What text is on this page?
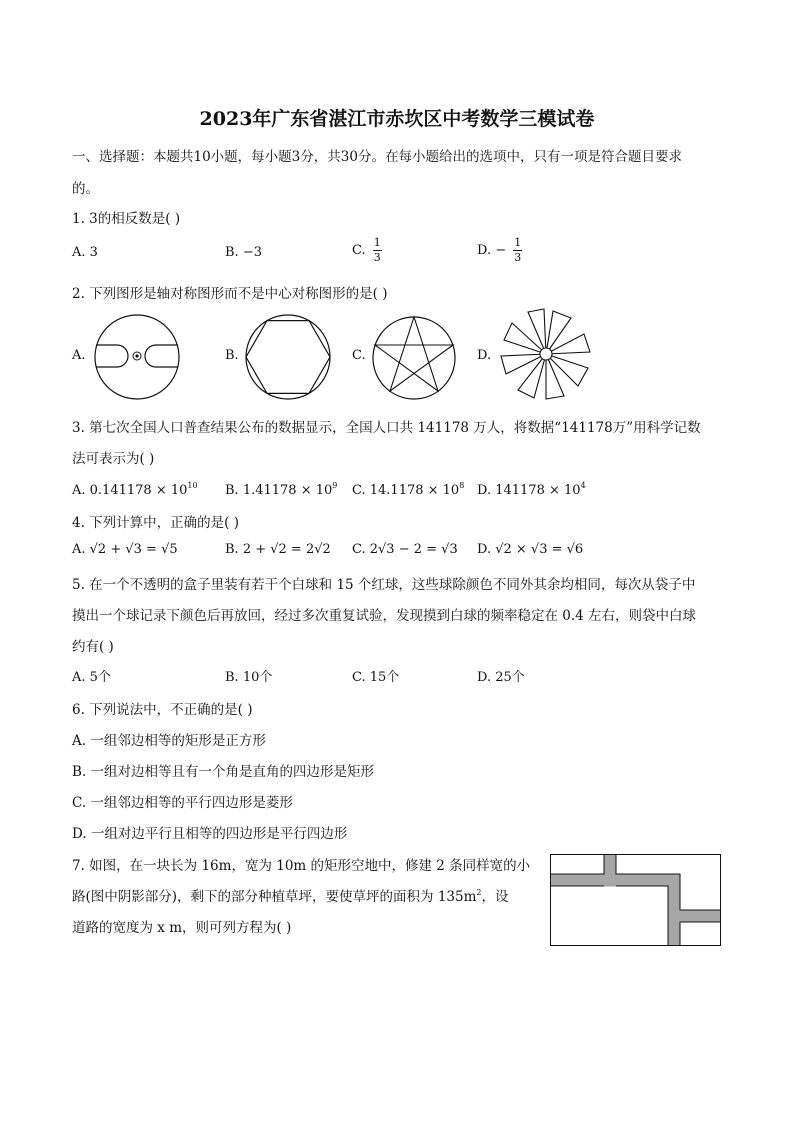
2023年广东省湛江市赤坎区中考数学三模试卷
一、选择题：本题共10小题，每小题3分，共30分。在每小题给出的选项中，只有一项是符合题目要求
的。
1. 3的相反数是( )
A. 3	B. −3	C. $\frac{1}{3}$	D. − $\frac{1}{3}$
2. 下列图形是轴对称图形而不是中心对称图形的是( )
A.	B.	C.	D.
3. 第七次全国人口普查结果公布的数据显示，全国人口共 141178 万人，将数据“141178万”用科学记数
法可表示为( )
A. $0.141178 \times 10^{10}$ B. $1.41178 \times 10^9$ C. $14.1178 \times 10^8$ D. $141178 \times 10^4$
4. 下列计算中，正确的是( )
A. √2 + √3 = √5	B. 2 + √2 = 2√2 C. 2√3 − 2 = √3 D. √2 × √3 = √6
5. 在一个不透明的盒子里装有若干个白球和 15 个红球，这些球除颜色不同外其余均相同，每次从袋子中
摸出一个球记录下颜色后再放回，经过多次重复试验，发现摸到白球的频率稳定在 0.4 左右，则袋中白球
约有( )
A. 5个	B. 10个	C. 15个	D. 25个
6. 下列说法中，不正确的是( )
A. 一组邻边相等的矩形是正方形
B. 一组对边相等且有一个角是直角的四边形是矩形
C. 一组邻边相等的平行四边形是菱形
D. 一组对边平行且相等的四边形是平行四边形
7. 如图，在一块长为 16m，宽为 10m 的矩形空地中，修建 2 条同样宽的小
路(图中阴影部分)，剩下的部分种植草坪，要使草坪的面积为 $135m^2$，设
道路的宽度为 x m，则可列方程为( )
